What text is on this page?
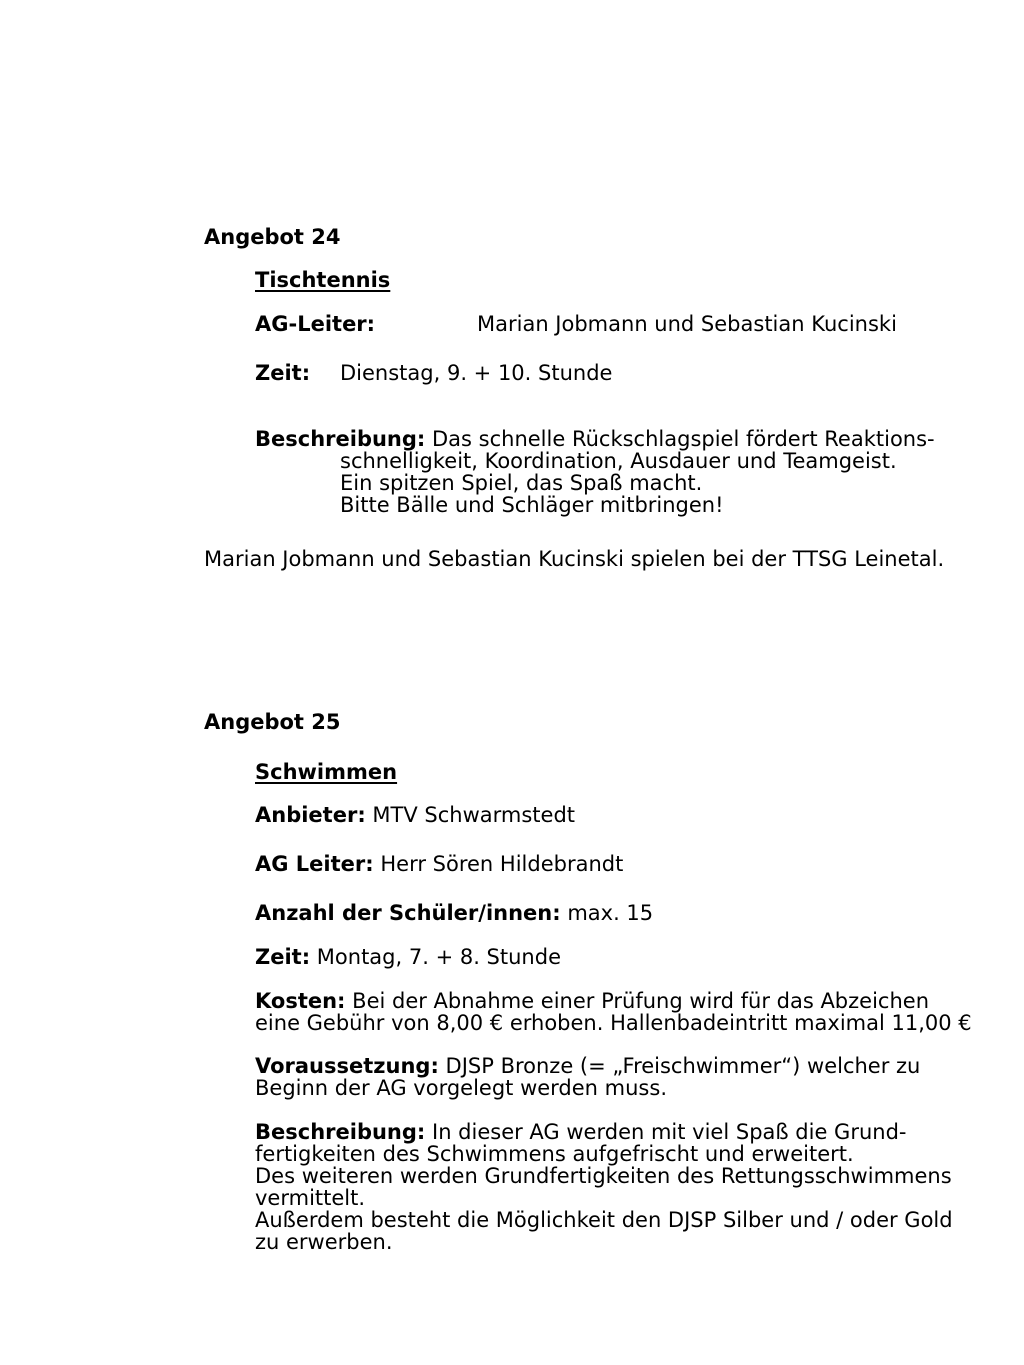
Angebot 24
Tischtennis
AG-Leiter:	Marian Jobmann und Sebastian Kucinski
Zeit: Dienstag, 9. + 10. Stunde
Beschreibung: Das schnelle Rückschlagspiel fördert Reaktions-
schnelligkeit, Koordination, Ausdauer und Teamgeist.
Ein spitzen Spiel, das Spaß macht.
Bitte Bälle und Schläger mitbringen!
Marian Jobmann und Sebastian Kucinski spielen bei der TTSG Leinetal.
Angebot 25
Schwimmen
Anbieter: MTV Schwarmstedt
AG Leiter: Herr Sören Hildebrandt
Anzahl der Schüler/innen: max. 15
Zeit: Montag, 7. + 8. Stunde
Kosten: Bei der Abnahme einer Prüfung wird für das Abzeichen
eine Gebühr von 8,00 € erhoben. Hallenbadeintritt maximal 11,00 €
Voraussetzung: DJSP Bronze (= „Freischwimmer“) welcher zu
Beginn der AG vorgelegt werden muss.
Beschreibung: In dieser AG werden mit viel Spaß die Grund-
fertigkeiten des Schwimmens aufgefrischt und erweitert.
Des weiteren werden Grundfertigkeiten des Rettungsschwimmens
vermittelt.
Außerdem besteht die Möglichkeit den DJSP Silber und / oder Gold
zu erwerben.
